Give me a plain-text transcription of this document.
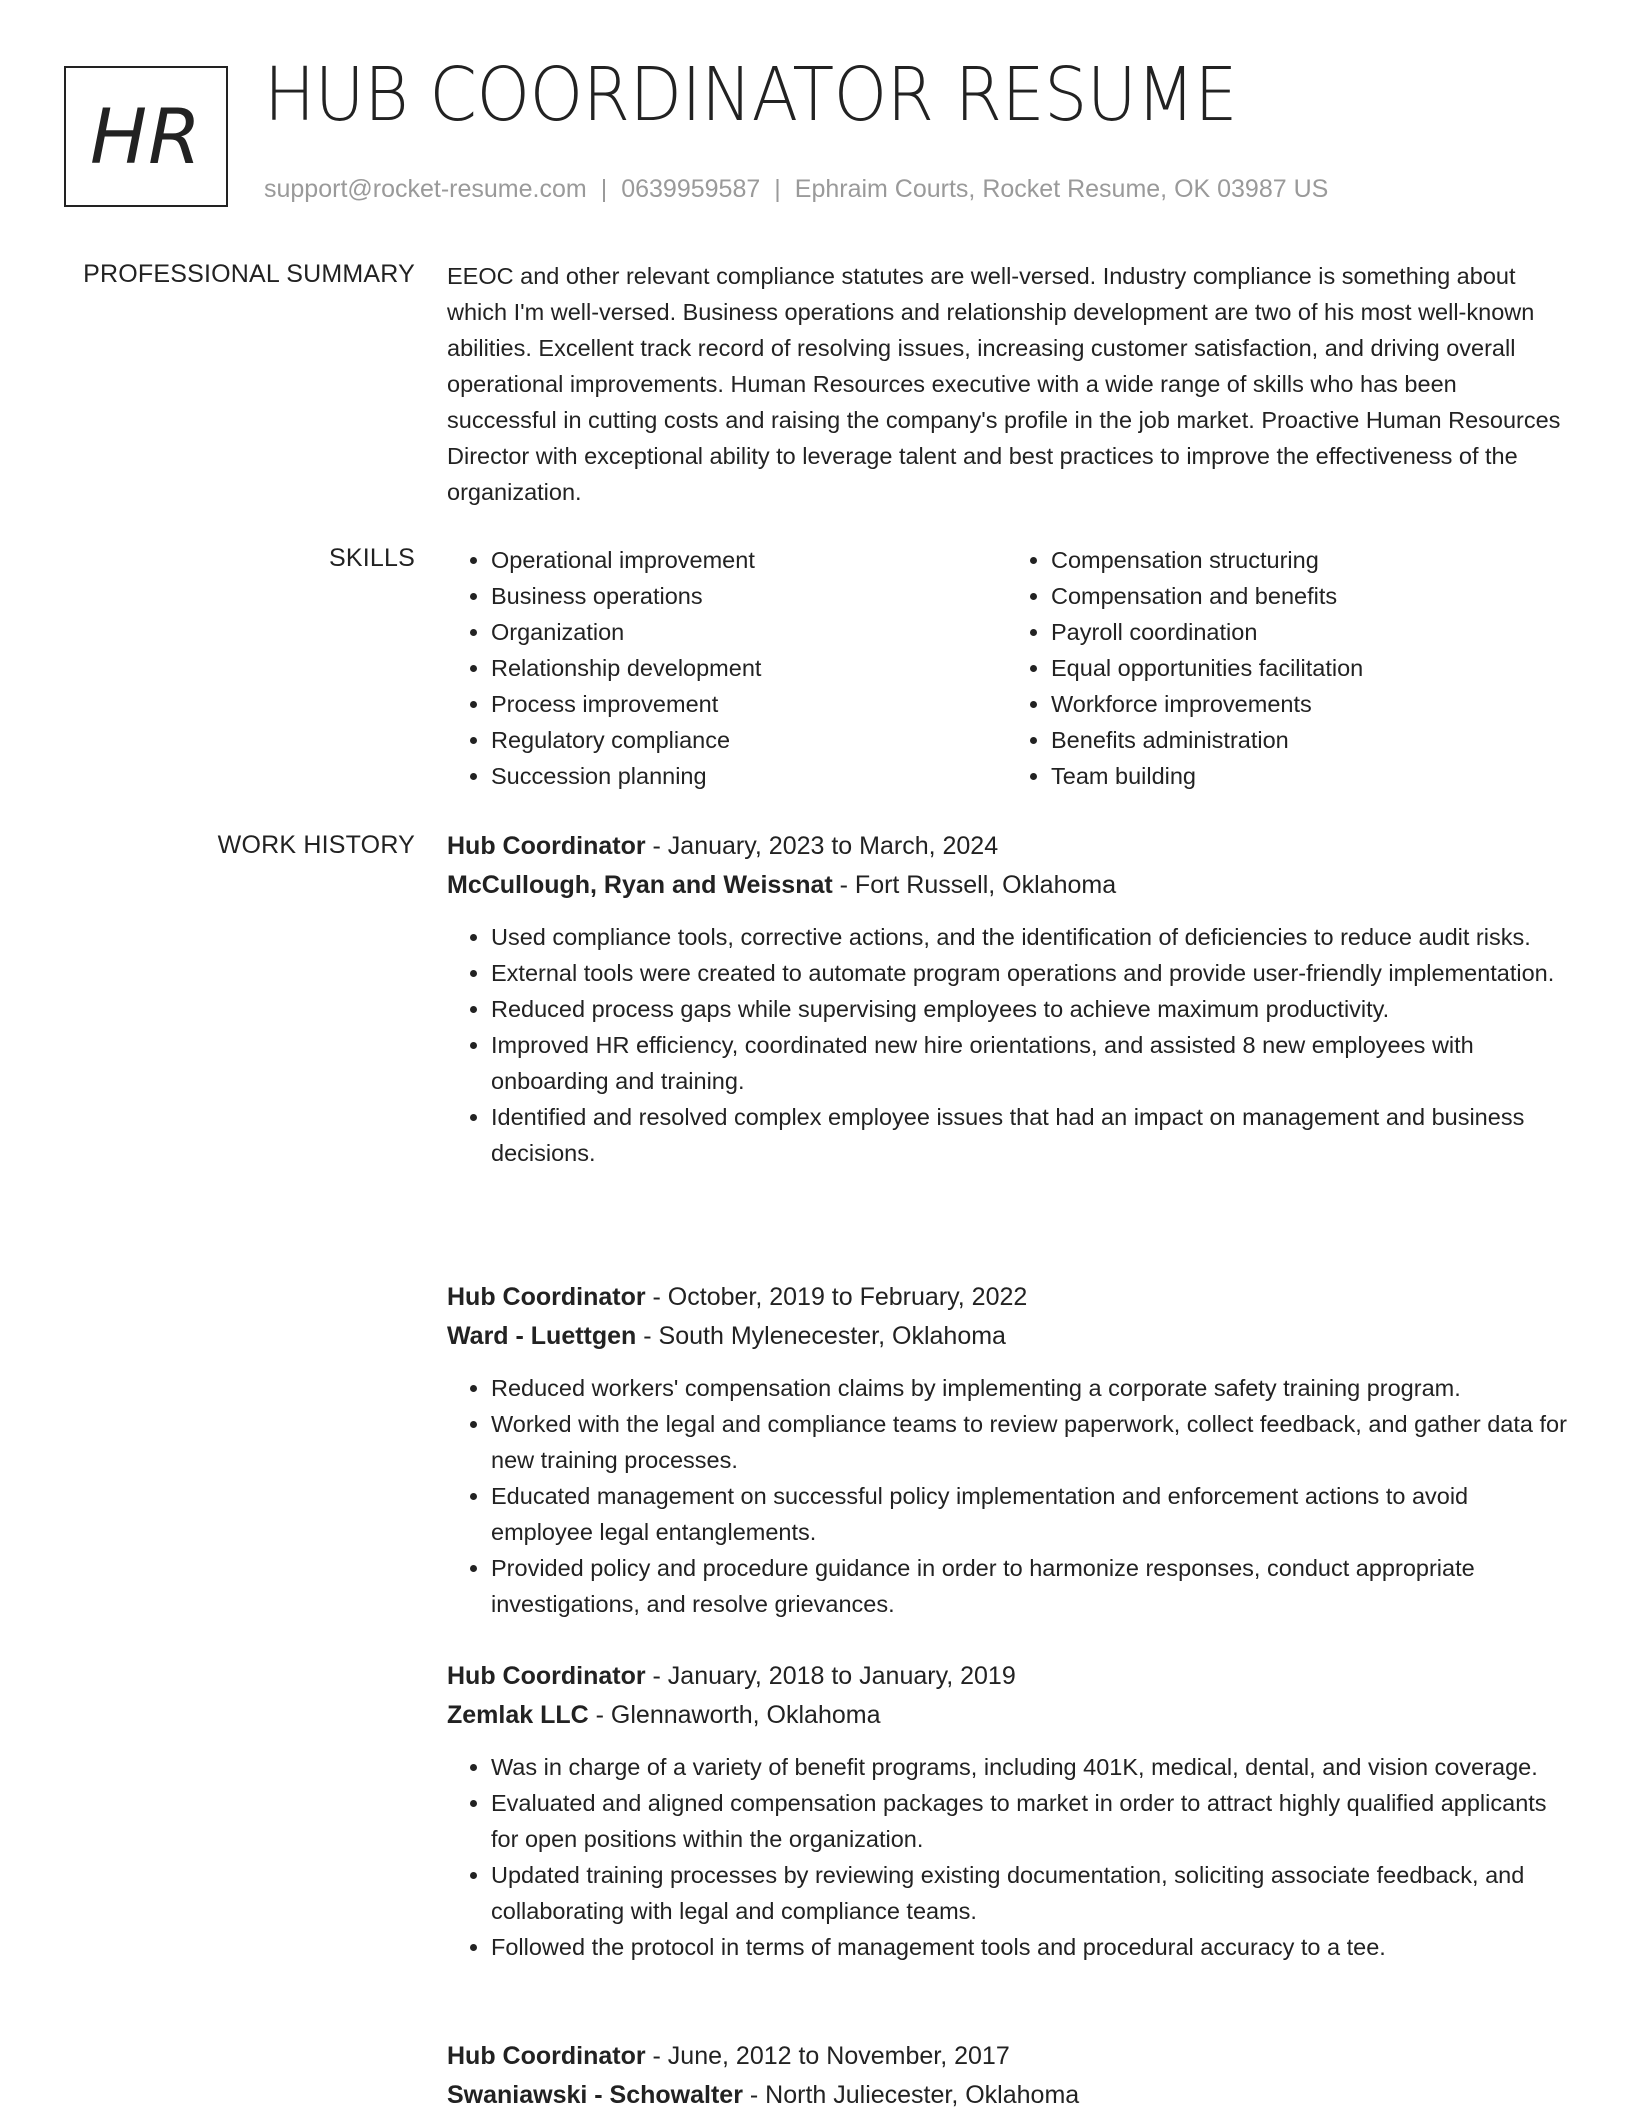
HR HUB COORDINATOR RESUME
support@rocket-resume.com | 0639959587 | Ephraim Courts, Rocket Resume, OK 03987 US
PROFESSIONAL SUMMARY EEOC and other relevant compliance statutes are well-versed. Industry compliance is something about which I'm well-versed. Business operations and relationship development are two of his most well-known abilities. Excellent track record of resolving issues, increasing customer satisfaction, and driving overall operational improvements. Human Resources executive with a wide range of skills who has been successful in cutting costs and raising the company's profile in the job market. Proactive Human Resources Director with exceptional ability to leverage talent and best practices to improve the effectiveness of the organization.

SKILLS
•	Operational improvement
• Business operations
• Organization
• Relationship development
• Process improvement
• Regulatory compliance
• Succession planning
• Compensation structuring
• Compensation and benefits
• Payroll coordination
• Equal opportunities facilitation
• Workforce improvements
• Benefits administration
• Team building
WORK HISTORY Hub Coordinator - January, 2023 to March, 2024
McCullough, Ryan and Weissnat - Fort Russell, Oklahoma
• Used compliance tools, corrective actions, and the identification of deficiencies to reduce audit risks.
• External tools were created to automate program operations and provide user-friendly implementation.
• Reduced process gaps while supervising employees to achieve maximum productivity.
• Improved HR efficiency, coordinated new hire orientations, and assisted 8 new employees with onboarding and training.
• Identified and resolved complex employee issues that had an impact on management and business decisions.
Hub Coordinator - October, 2019 to February, 2022
Ward - Luettgen - South Mylenecester, Oklahoma
• Reduced workers' compensation claims by implementing a corporate safety training program.
• Worked with the legal and compliance teams to review paperwork, collect feedback, and gather data for new training processes.
• Educated management on successful policy implementation and enforcement actions to avoid employee legal entanglements.
• Provided policy and procedure guidance in order to harmonize responses, conduct appropriate investigations, and resolve grievances.
Hub Coordinator - January, 2018 to January, 2019
Zemlak LLC - Glennaworth, Oklahoma
• Was in charge of a variety of benefit programs, including 401K, medical, dental, and vision coverage.
• Evaluated and aligned compensation packages to market in order to attract highly qualified applicants for open positions within the organization.
• Updated training processes by reviewing existing documentation, soliciting associate feedback, and collaborating with legal and compliance teams.
• Followed the protocol in terms of management tools and procedural accuracy to a tee.
Hub Coordinator - June, 2012 to November, 2017
Swaniawski - Schowalter - North Juliecester, Oklahoma
